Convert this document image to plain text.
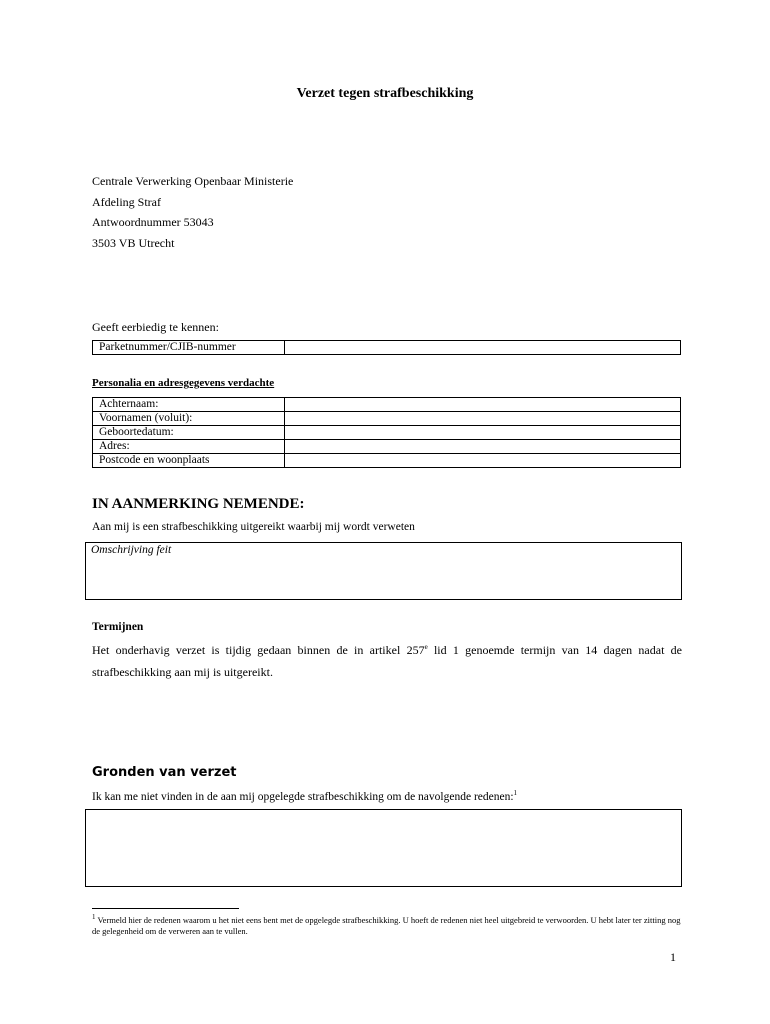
Verzet tegen strafbeschikking
Centrale Verwerking Openbaar Ministerie
Afdeling Straf
Antwoordnummer 53043
3503 VB Utrecht
Geeft eerbiedig te kennen:
Parketnummer/CJIB-nummer	
Personalia en adresgegevens verdachte
Achternaam:	
Voornamen (voluit):	
Geboortedatum:	
Adres:	
Postcode en woonplaats	
IN AANMERKING NEMENDE:
Aan mij is een strafbeschikking uitgereikt waarbij mij wordt verweten
Omschrijving feit
Termijnen
Het onderhavig verzet is tijdig gedaan binnen de in artikel 257e lid 1 genoemde termijn van 14 dagen nadat de strafbeschikking aan mij is uitgereikt.
Gronden van verzet
Ik kan me niet vinden in de aan mij opgelegde strafbeschikking om de navolgende redenen:$^1$
$^1$ Vermeld hier de redenen waarom u het niet eens bent met de opgelegde strafbeschikking. U hoeft de redenen niet heel uitgebreid te verwoorden. U hebt later ter zitting nog de gelegenheid om de verweren aan te vullen.
1
